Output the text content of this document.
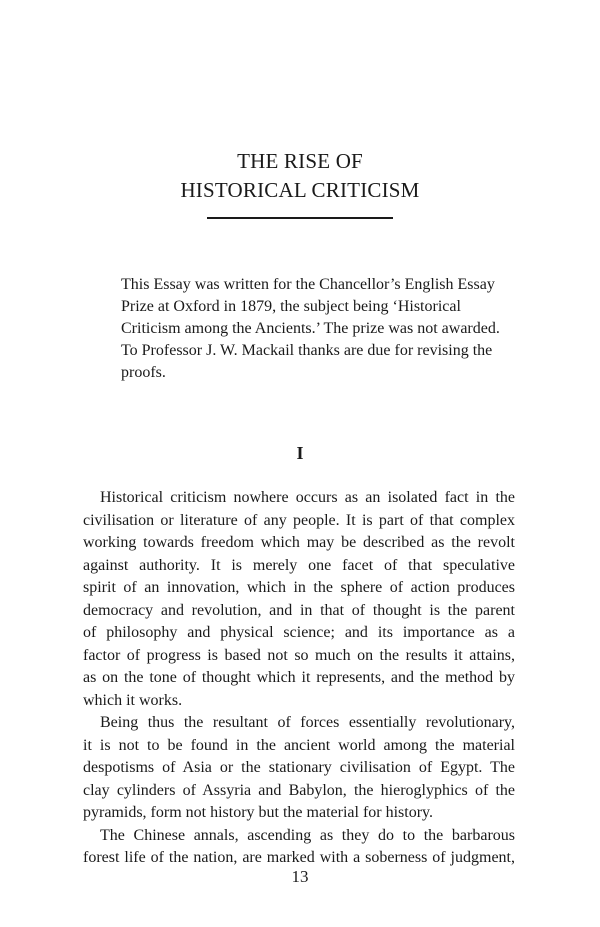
THE RISE OF
HISTORICAL CRITICISM
This Essay was written for the Chancellor’s English Essay
Prize at Oxford in 1879, the subject being ‘Historical
Criticism among the Ancients.’ The prize was not awarded.
To Professor J. W. Mackail thanks are due for revising the
proofs.
I

Historical criticism nowhere occurs as an isolated fact in the
civilisation or literature of any people. It is part of that complex
working towards freedom which may be described as the revolt
against authority. It is merely one facet of that speculative
spirit of an innovation, which in the sphere of action produces
democracy and revolution, and in that of thought is the parent
of philosophy and physical science; and its importance as a
factor of progress is based not so much on the results it attains,
as on the tone of thought which it represents, and the method by
which it works.

Being thus the resultant of forces essentially revolutionary,
it is not to be found in the ancient world among the material
despotisms of Asia or the stationary civilisation of Egypt. The
clay cylinders of Assyria and Babylon, the hieroglyphics of the
pyramids, form not history but the material for history.

The Chinese annals, ascending as they do to the barbarous
forest life of the nation, are marked with a soberness of judgment,

13
